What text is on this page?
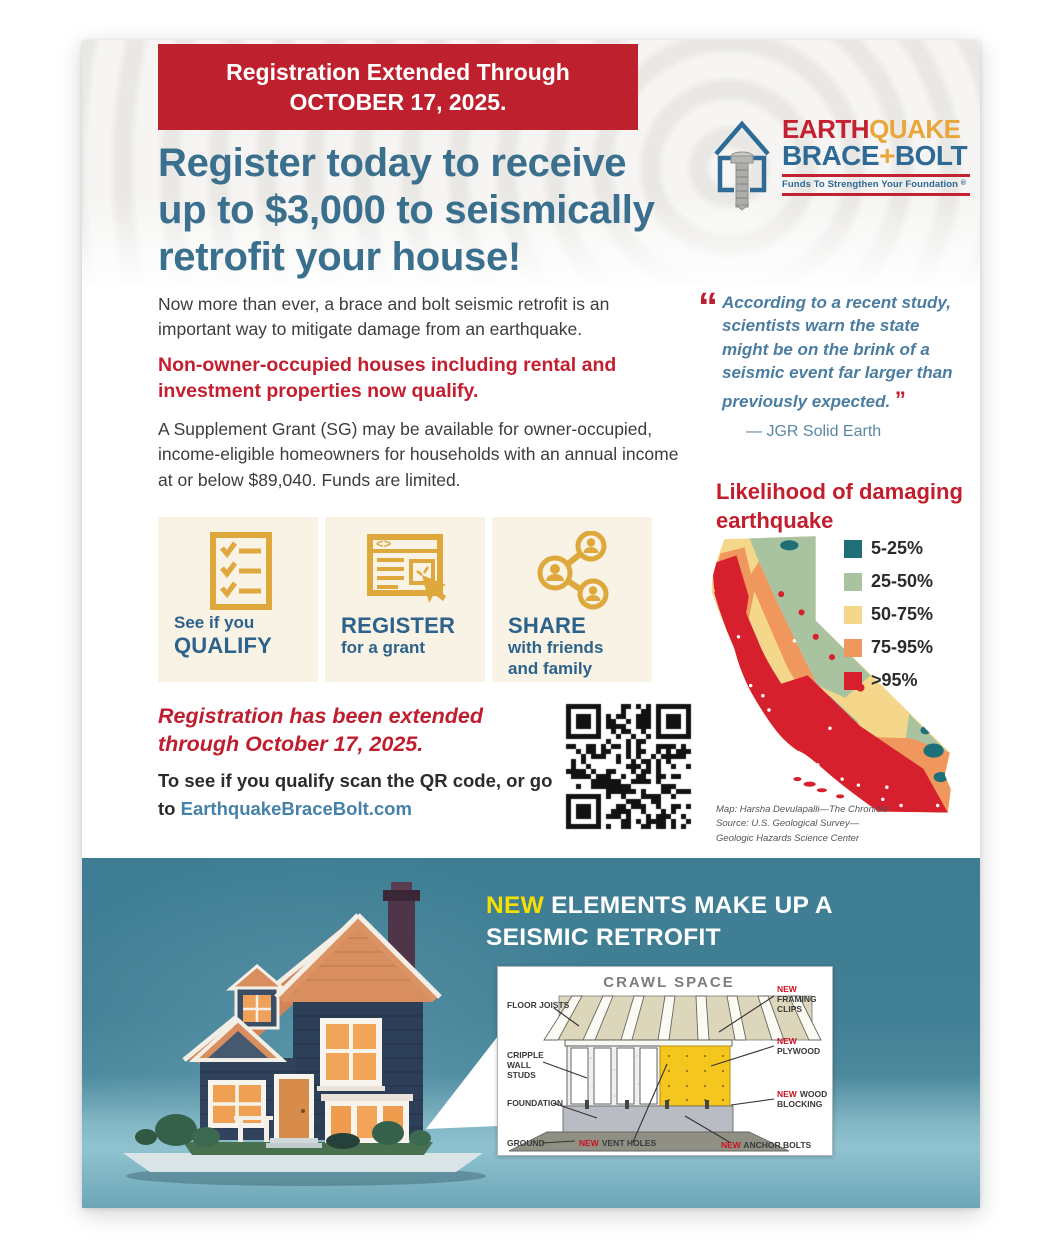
Registration Extended Through
OCTOBER 17, 2025.
Register today to receive
up to $3,000 to seismically
retrofit your house!
EARTHQUAKE
BRACE+BOLT
Funds To Strengthen Your Foundation ®

Now more than ever, a brace and bolt seismic retrofit is an important way to mitigate damage from an earthquake.

Non-owner-occupied houses including rental and investment properties now qualify.

A Supplement Grant (SG) may be available for owner-occupied, income-eligible homeowners for households with an annual income at or below $89,040. Funds are limited.

See if you
QUALIFY
<>
REGISTER
for a grant
SHARE
with friends
and family

Registration has been extended through October 17, 2025.

To see if you qualify scan the QR code, or go to EarthquakeBraceBolt.com

“ According to a recent study, scientists warn the state might be on the brink of a seismic event far larger than previously expected. ”
— JGR Solid Earth
Likelihood of damaging earthquake
5-25%
25-50%
50-75%
75-95%
>95%
Map: Harsha Devulapalli—The Chronicle
Source: U.S. Geological Survey—
Geologic Hazards Science Center
NEW ELEMENTS MAKE UP A SEISMIC RETROFIT
CRAWL SPACE
FLOOR JOISTS
CRIPPLE
WALL
STUDS
FOUNDATION
GROUND	NEW VENT HOLES
NEW
FRAMING
CLIPS
NEW
PLYWOOD
NEW WOOD
BLOCKING
NEW ANCHOR BOLTS
